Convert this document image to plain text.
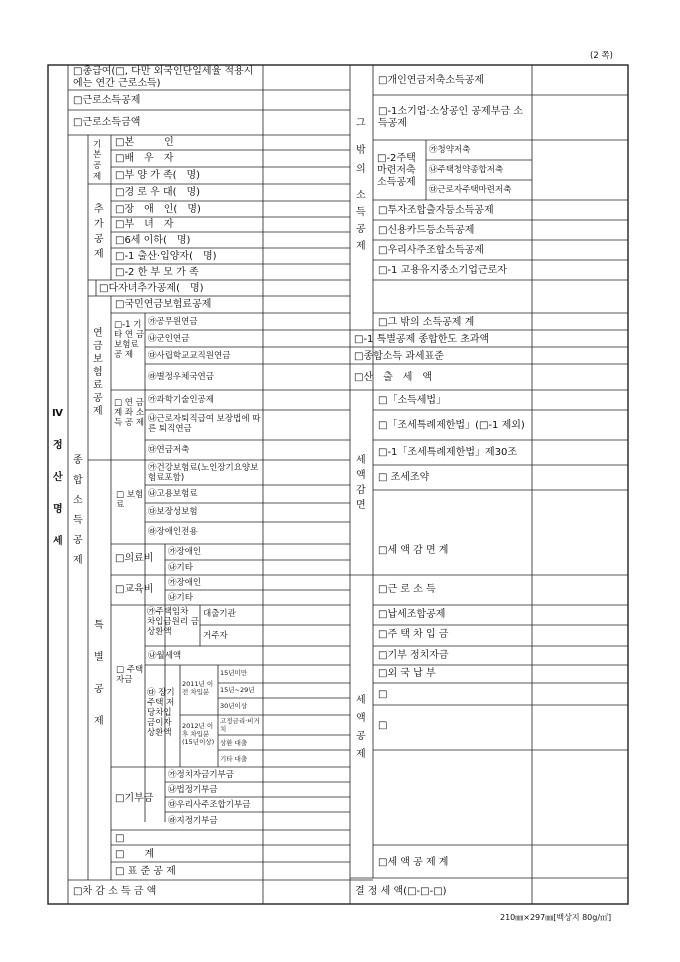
(2 쪽)
210㎜×297㎜[백상지 80g/㎡]
Ⅳ
정
산
명
세
종
합
소
득
공
제
기
본
공
제
추
가
공
제
연
금
보
험
료
공
제
특
별
공
제
그
밖
의
소
득
공
제
세
액
감
면
세
액
공
제
□총급여(□, 다만 외국인단일세율 적용시에는 연간 근로소득)
□근로소득공제
□근로소득금액
□본　　　인
□배　우　자
□부 양 가 족(　명)
□경 로 우 대(　명)
□장　애　인(　명)
□부　녀　자
□6세 이하(　명)
□-1 출산·입양자(　명)
□-2 한 부 모 가 족
□다자녀추가공제(　명)
□국민연금보험료공제
□-1 기 타 연 금 보험료 공 제
㉮공무원연금
㉯군인연금
㉰사립학교교직원연금
㉱별정우체국연금
□ 연 금 계 좌 소 득 공 제
㉮과학기술인공제
㉯근로자퇴직급여 보장법에 따른 퇴직연금
㉰연금저축
□ 보험료
㉮건강보험료(노인장기요양보험료포함)
㉯고용보험료
㉰보장성보험
㉱장애인전용
□의료비
㉮장애인
㉯기타
□교육비
㉮장애인
㉯기타
□ 주택 자금
㉮주택임차 차입금원리 금상환액
대출기관
거주자
㉯월세액
㉰ 장기 주택 저 당차입 금이자 상환액
2011년 이전 차입분
2012년 이후 차입분 (15년이상)
15년미만
15년~29년
30년이상
고정금리·비거치
상환 대출
기타 대출
□기부금
㉮정치자금기부금
㉯법정기부금
㉰우리사주조합기부금
㉱지정기부금
□
□　　계
□ 표 준 공 제
□차 감 소 득 금 액
□개인연금저축소득공제
□-1소기업·소상공인 공제부금 소득공제
□-2주택 마련저축 소득공제
㉮청약저축
㉯주택청약종합저축
㉰근로자주택마련저축
□투자조합출자등소득공제
□신용카드등소득공제
□우리사주조합소득공제
□-1 고용유지중소기업근로자
□그 밖의 소득공제 계
□-1 특별공제 종합한도 초과액
□종합소득 과세표준
□산　출　세　액
□「소득세법」
□「조세특례제한법」(□-1 제외)
□-1「조세특례제한법」제30조
□ 조세조약
□세 액 감 면 계
□근 로 소 득
□납세조합공제
□주 택 차 입 금
□기부 정치자금
□외 국 납 부
□
□
□세 액 공 제 계
결 정 세 액(□-□-□)
